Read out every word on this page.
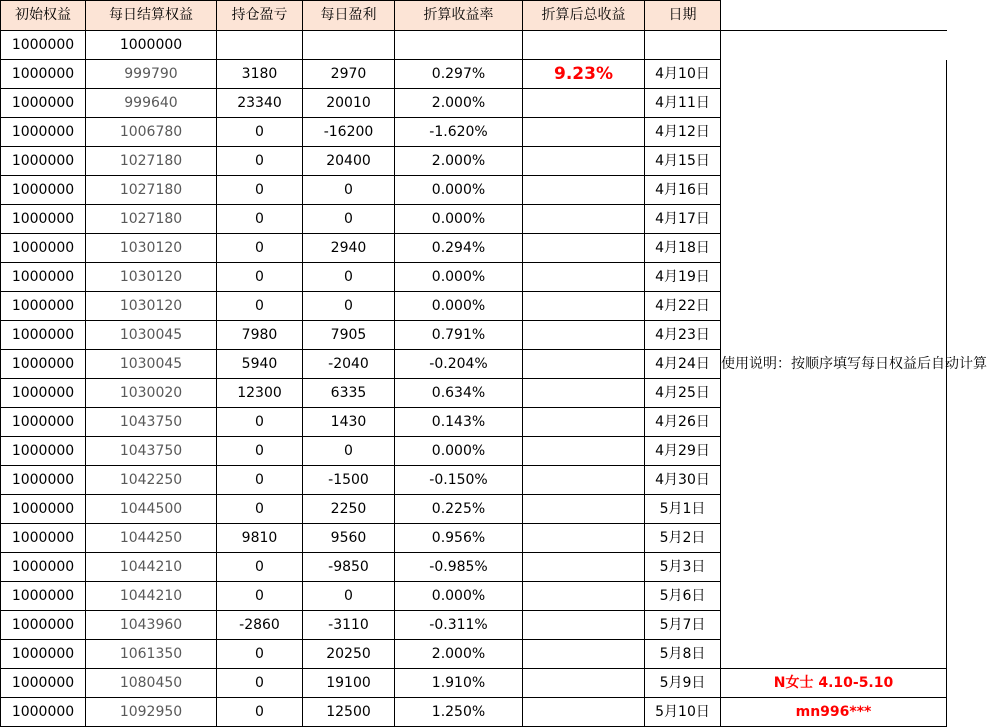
初始权益	每日结算权益	持仓盈亏	每日盈利	折算收益率	折算后总收益	日期	
1000000	1000000						
1000000	999790	3180	2970	0.297%	9.23%	4月10日	使用说明：按顺序填写每日权益后自动计算
1000000	999640	23340	20010	2.000%		4月11日	
1000000	1006780	0	-16200	-1.620%		4月12日	
1000000	1027180	0	20400	2.000%		4月15日	
1000000	1027180	0	0	0.000%		4月16日	
1000000	1027180	0	0	0.000%		4月17日	
1000000	1030120	0	2940	0.294%		4月18日	
1000000	1030120	0	0	0.000%		4月19日	
1000000	1030120	0	0	0.000%		4月22日	
1000000	1030045	7980	7905	0.791%		4月23日	
1000000	1030045	5940	-2040	-0.204%		4月24日	
1000000	1030020	12300	6335	0.634%		4月25日	
1000000	1043750	0	1430	0.143%		4月26日	
1000000	1043750	0	0	0.000%		4月29日	
1000000	1042250	0	-1500	-0.150%		4月30日	
1000000	1044500	0	2250	0.225%		5月1日	
1000000	1044250	9810	9560	0.956%		5月2日	
1000000	1044210	0	-9850	-0.985%		5月3日	
1000000	1044210	0	0	0.000%		5月6日	
1000000	1043960	-2860	-3110	-0.311%		5月7日	
1000000	1061350	0	20250	2.000%		5月8日	
1000000	1080450	0	19100	1.910%		5月9日	N女士 4.10-5.10
1000000	1092950	0	12500	1.250%		5月10日	mn996***
